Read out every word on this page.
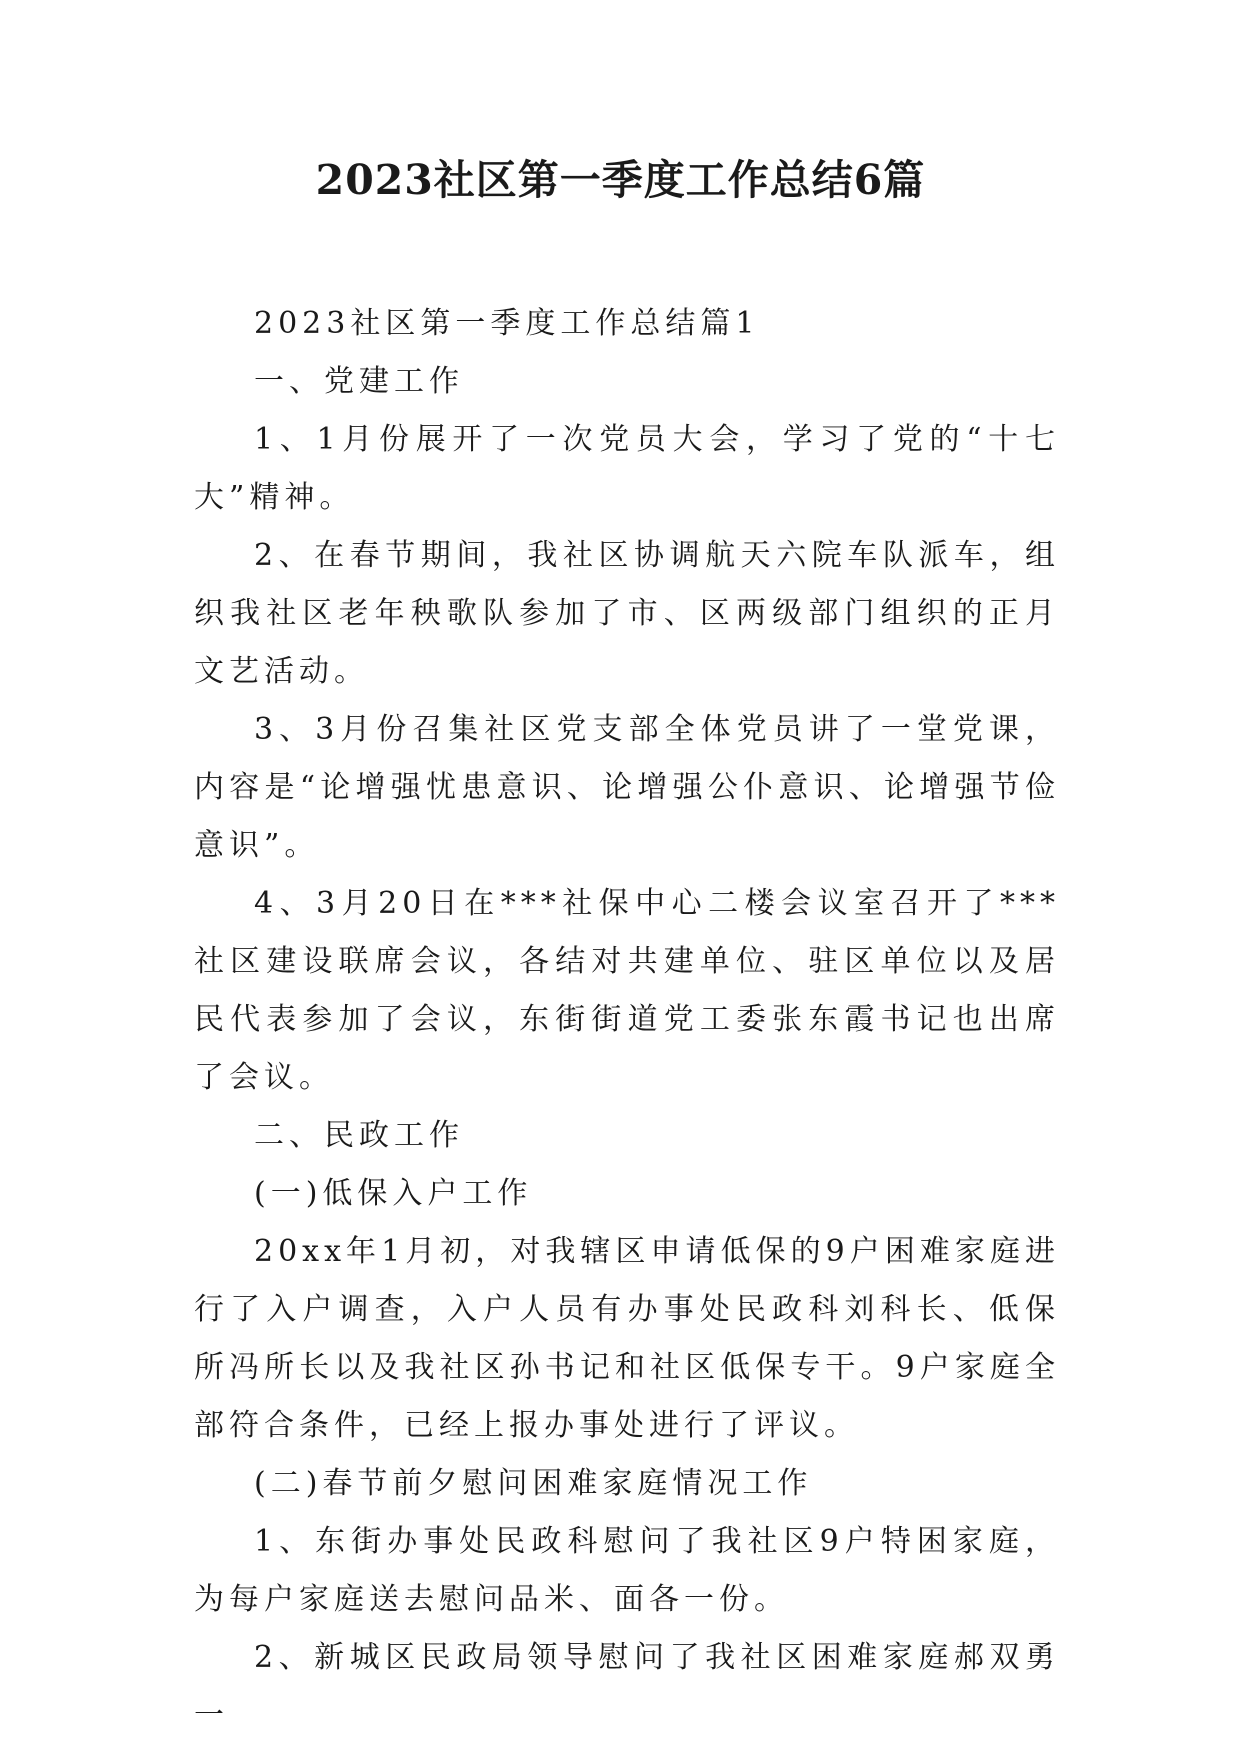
2023社区第一季度工作总结6篇

2023社区第一季度工作总结篇1

一、党建工作

1、1月份展开了一次党员大会，学习了党的“十七大”精神。

2、在春节期间，我社区协调航天六院车队派车，组织我社区老年秧歌队参加了市、区两级部门组织的正月文艺活动。

3、3月份召集社区党支部全体党员讲了一堂党课，内容是“论增强忧患意识、论增强公仆意识、论增强节俭意识”。

4、3月20日在***社保中心二楼会议室召开了***社区建设联席会议，各结对共建单位、驻区单位以及居民代表参加了会议，东街街道党工委张东霞书记也出席了会议。

二、民政工作

(一)低保入户工作

20xx年1月初，对我辖区申请低保的9户困难家庭进行了入户调查，入户人员有办事处民政科刘科长、低保所冯所长以及我社区孙书记和社区低保专干。9户家庭全部符合条件，已经上报办事处进行了评议。

(二)春节前夕慰问困难家庭情况工作

1、东街办事处民政科慰问了我社区9户特困家庭，为每户家庭送去慰问品米、面各一份。

2、新城区民政局领导慰问了我社区困难家庭郝双勇一
